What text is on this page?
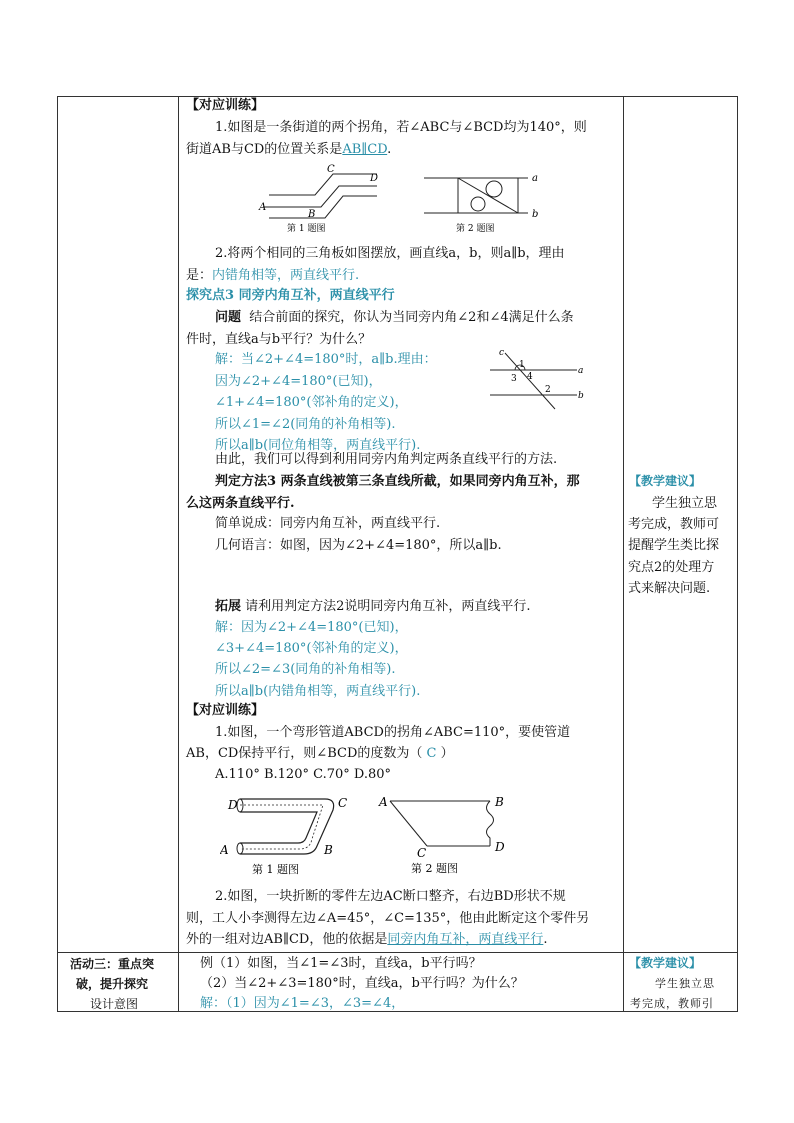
【对应训练】
1.如图是一条街道的两个拐角，若∠ABC与∠BCD均为140°，则
街道AB与CD的位置关系是AB∥CD.
A
B
C
D
第 1 题图
a
b
第 2 题图
2.将两个相同的三角板如图摆放，画直线a，b，则a∥b，理由
是：内错角相等，两直线平行.
探究点3 同旁内角互补，两直线平行
问题 结合前面的探究，你认为当同旁内角∠2和∠4满足什么条
件时，直线a与b平行？为什么？
解：当∠2+∠4=180°时，a∥b.理由：
因为∠2+∠4=180°(已知)，
∠1+∠4=180°(邻补角的定义)，
所以∠1=∠2(同角的补角相等).
所以a∥b(同位角相等，两直线平行).
c
1
3 4
2
a
b
由此，我们可以得到利用同旁内角判定两条直线平行的方法.
判定方法3 两条直线被第三条直线所截，如果同旁内角互补，那
么这两条直线平行.
简单说成：同旁内角互补，两直线平行.
几何语言：如图，因为∠2+∠4=180°，所以a∥b.
拓展 请利用判定方法2说明同旁内角互补，两直线平行.
解：因为∠2+∠4=180°(已知)，
∠3+∠4=180°(邻补角的定义)，
所以∠2=∠3(同角的补角相等).
所以a∥b(内错角相等，两直线平行).
【对应训练】
1.如图，一个弯形管道ABCD的拐角∠ABC=110°，要使管道
AB，CD保持平行，则∠BCD的度数为（ C ）
A.110° B.120° C.70° D.80°
D	C
A	B
第 1 题图
A	B
C	D
第 2 题图
2.如图，一块折断的零件左边AC断口整齐，右边BD形状不规
则，工人小李测得左边∠A=45°，∠C=135°，他由此断定这个零件另
外的一组对边AB∥CD，他的依据是同旁内角互补，两直线平行.
【教学建议】
学生独立思
考完成，教师可
提醒学生类比探
究点2的处理方
式来解决问题.
活动三：重点突
破，提升探究
设计意图
例（1）如图，当∠1=∠3时，直线a，b平行吗？
（2）当∠2+∠3=180°时，直线a，b平行吗？为什么？
解：（1）因为∠1=∠3，∠3=∠4，
【教学建议】
学生独立思
考完成，教师引
